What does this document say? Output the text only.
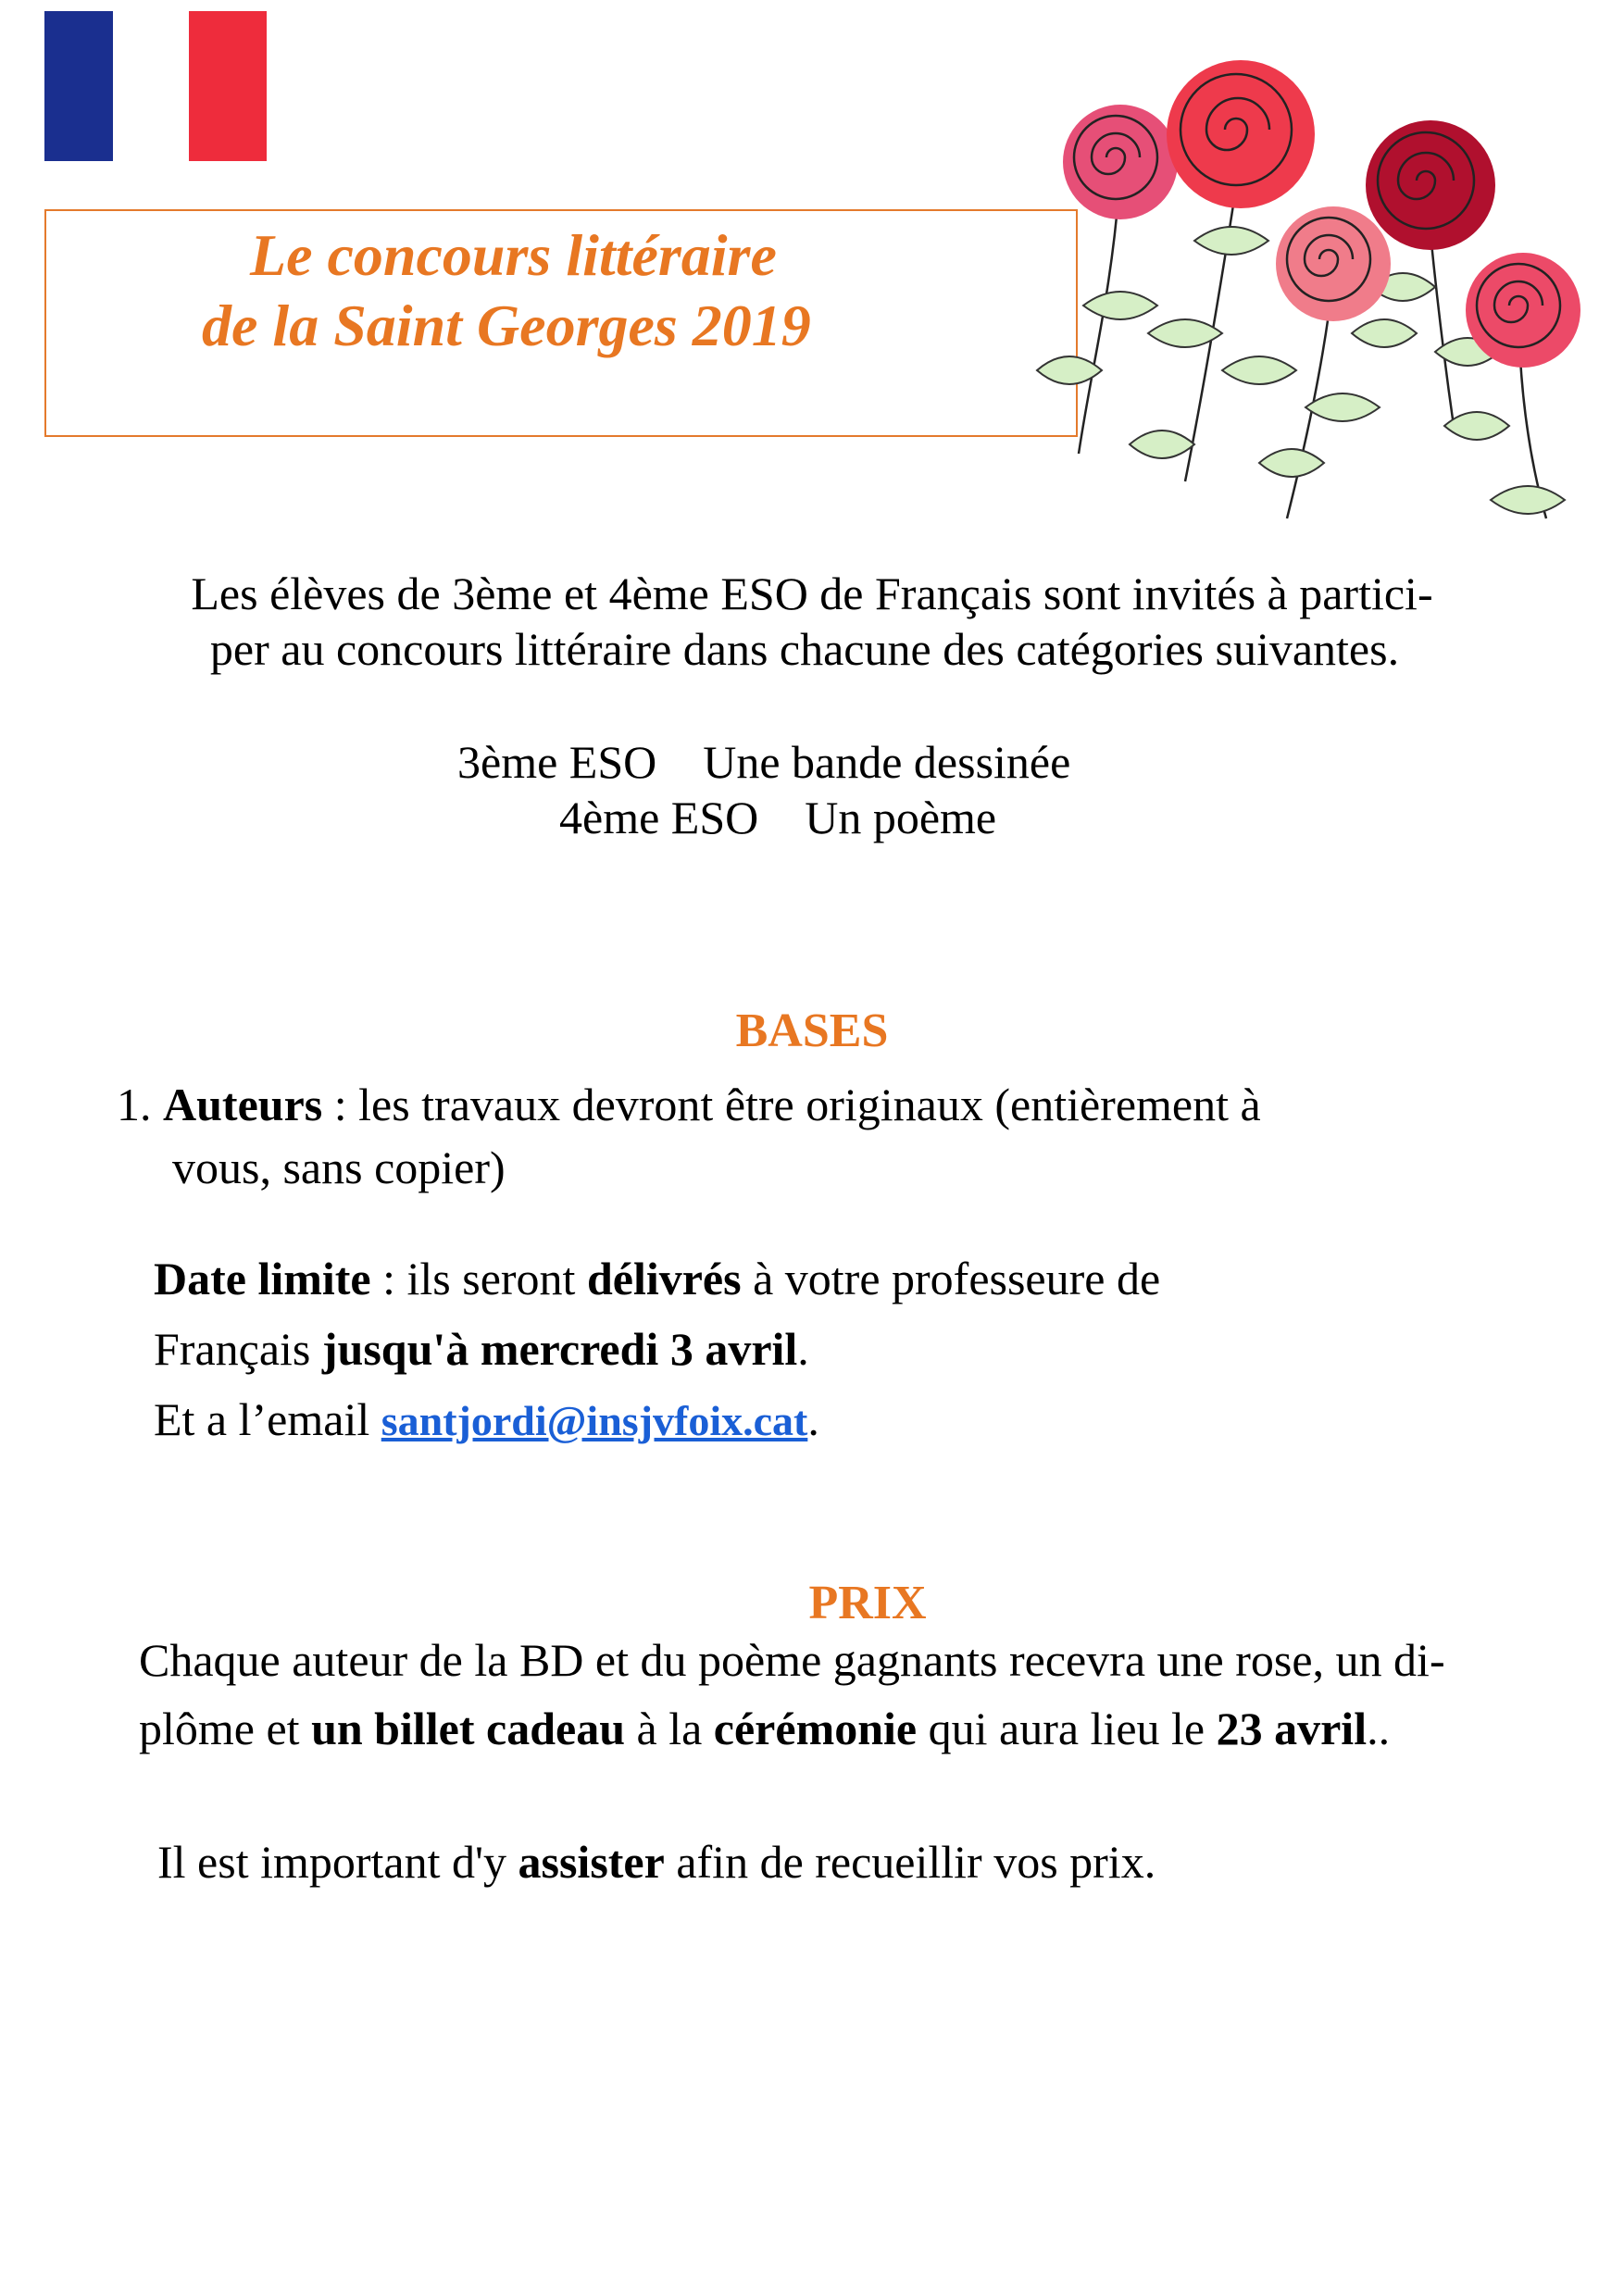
Le concours littéraire
de la Saint Georges 2019
Les élèves de 3ème et 4ème ESO de Français sont invités à partici-
per au concours littéraire dans chacune des catégories suivantes.
3ème ESO Une bande dessinée
4ème ESO Un poème
BASES
1. Auteurs : les travaux devront être originaux (entièrement à
vous, sans copier)
Date limite : ils seront délivrés à votre professeure de
Français jusqu'à mercredi 3 avril.
Et a l’email santjordi@insjvfoix.cat.
PRIX
Chaque auteur de la BD et du poème gagnants recevra une rose, un di-
plôme et un billet cadeau à la cérémonie qui aura lieu le 23 avril..
Il est important d'y assister afin de recueillir vos prix.
